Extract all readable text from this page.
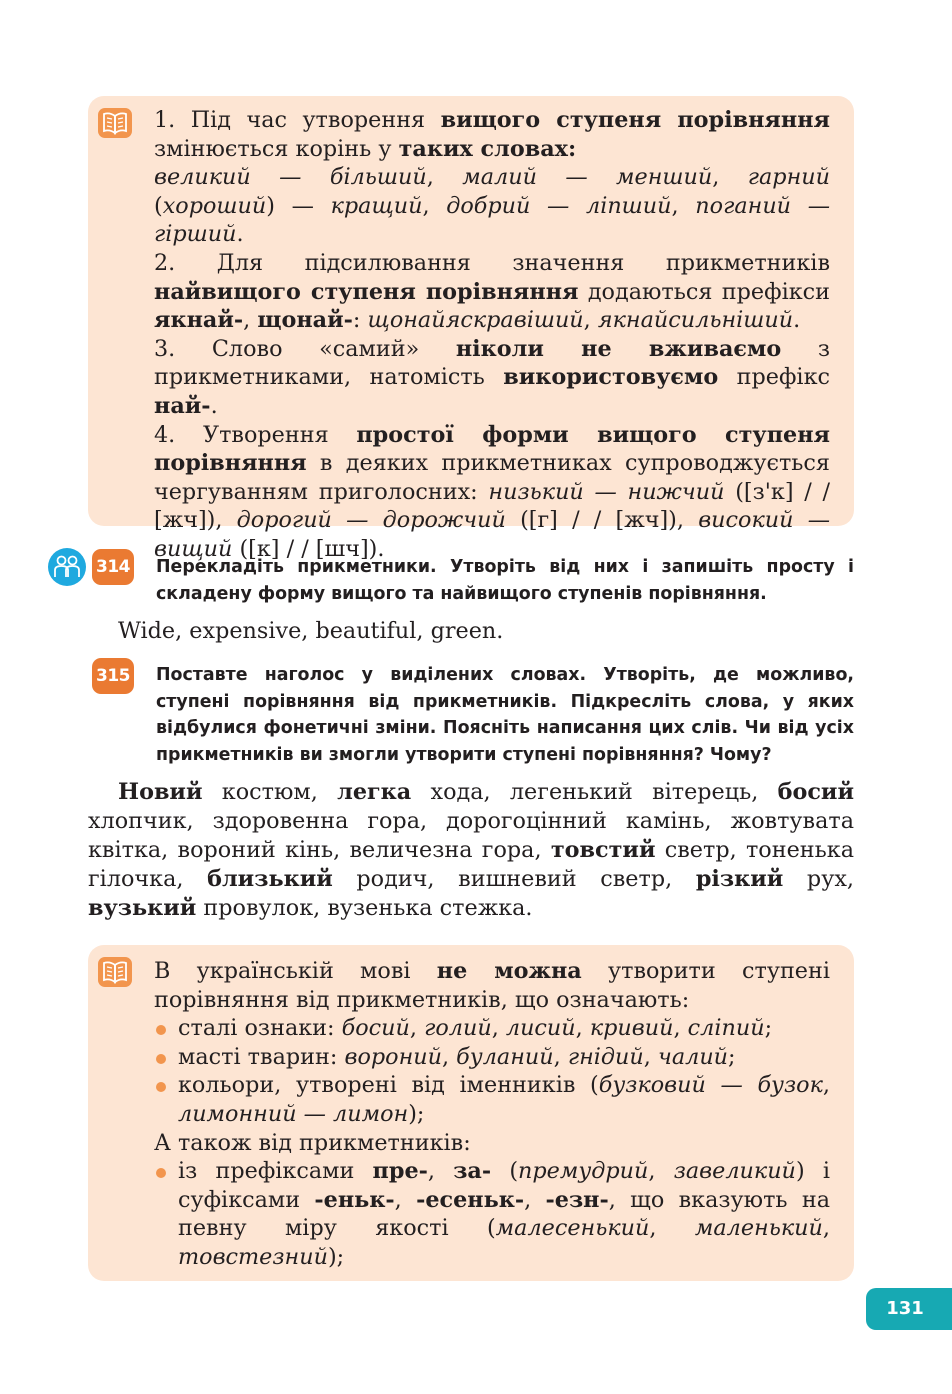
1. Під час утворення вищого ступеня порівняння змінюється корінь у таких словах:
великий — більший, малий — менший, гарний (хороший) — кращий, добрий — ліпший, поганий — гірший.

2. Для підсилювання значення прикметників найвищого ступеня порівняння додаються префікси якнай-, щонай-: щонайяскравіший, якнайсильніший.

3. Слово «самий» ніколи не вживаємо з прикметниками, натомість використовуємо префікс най-.

4. Утворення простої форми вищого ступеня порівняння в деяких прикметниках супроводжується чергуванням приголосних: низький — нижчий ([з'к] / / [жч]), дорогий — дорожчий ([г] / / [жч]), високий — вищий ([к] / / [шч]).

314 Перекладіть прикметники. Утворіть від них і запишіть просту і складену форму вищого та найвищого ступенів порівняння.
Wide, expensive, beautiful, green.
315 Поставте наголос у виділених словах. Утворіть, де можливо, ступені порівняння від прикметників. Підкресліть слова, у яких відбулися фонетичні зміни. Поясніть написання цих слів. Чи від усіх прикметників ви змогли утворити ступені порівняння? Чому?
Новий костюм, легка хода, легенький вітерець, босий хлопчик, здоровенна гора, дорогоцінний камінь, жовтувата квітка, вороний кінь, величезна гора, товстий светр, тоненька гілочка, близький родич, вишневий светр, різкий рух, вузький провулок, вузенька стежка.

В українській мові не можна утворити ступені порівняння від прикметників, що означають:

сталі ознаки: босий, голий, лисий, кривий, сліпий;
масті тварин: вороний, буланий, гнідий, чалий;
кольори, утворені від іменників (бузковий — бузок, лимонний — лимон);

А також від прикметників:

із префіксами пре-, за- (премудрий, завеликий) і суфіксами -еньк-, -есеньк-, -езн-, що вказують на певну міру якості (малесенький, маленький, товстезний);
131
